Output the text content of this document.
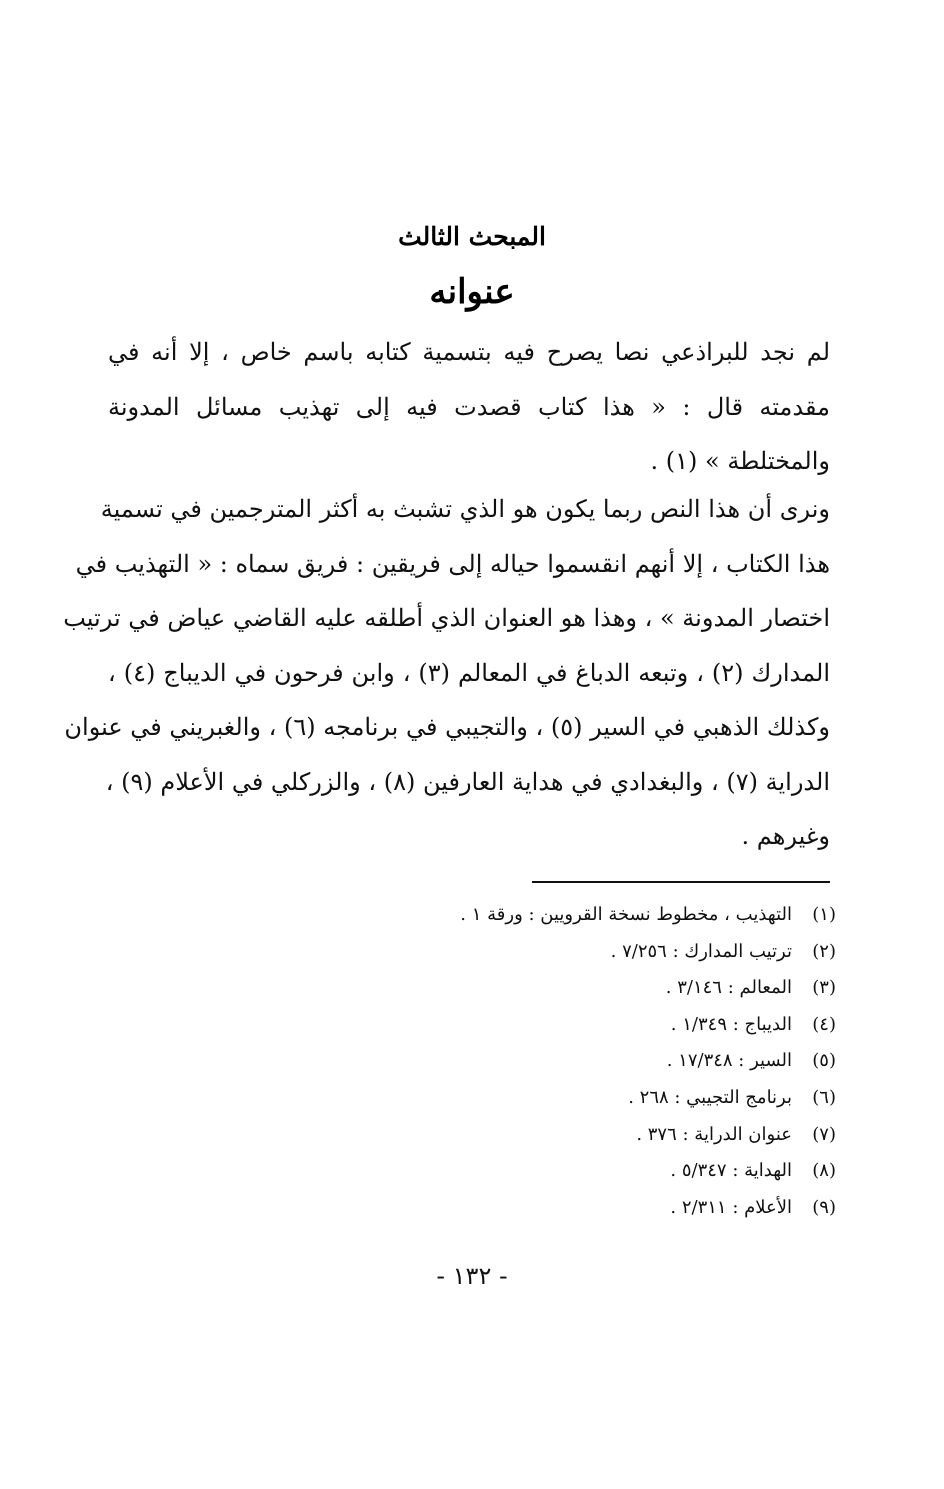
المبحث الثالث
عنوانه
لم نجد للبراذعي نصا يصرح فيه بتسمية كتابه باسم خاص ، إلا أنه في
مقدمته قال : « هذا كتاب قصدت فيه إلى تهذيب مسائل المدونة
والمختلطة » (١) .
ونرى أن هذا النص ربما يكون هو الذي تشبث به أكثر المترجمين في تسمية
هذا الكتاب ، إلا أنهم انقسموا حياله إلى فريقين : فريق سماه : « التهذيب في
اختصار المدونة » ، وهذا هو العنوان الذي أطلقه عليه القاضي عياض في ترتيب
المدارك (٢) ، وتبعه الدباغ في المعالم (٣) ، وابن فرحون في الديباج (٤) ،
وكذلك الذهبي في السير (٥) ، والتجيبي في برنامجه (٦) ، والغبريني في عنوان
الدراية (٧) ، والبغدادي في هداية العارفين (٨) ، والزركلي في الأعلام (٩) ،
وغيرهم .
(١)التهذيب ، مخطوط نسخة القرويين : ورقة ١ .
(٢)ترتيب المدارك : ٧/٢٥٦ .
(٣)المعالم : ٣/١٤٦ .
(٤)الديباج : ١/٣٤٩ .
(٥)السير : ١٧/٣٤٨ .
(٦)برنامج التجيبي : ٢٦٨ .
(٧)عنوان الدراية : ٣٧٦ .
(٨)الهداية : ٥/٣٤٧ .
(٩)الأعلام : ٢/٣١١ .
- ١٣٢ -
